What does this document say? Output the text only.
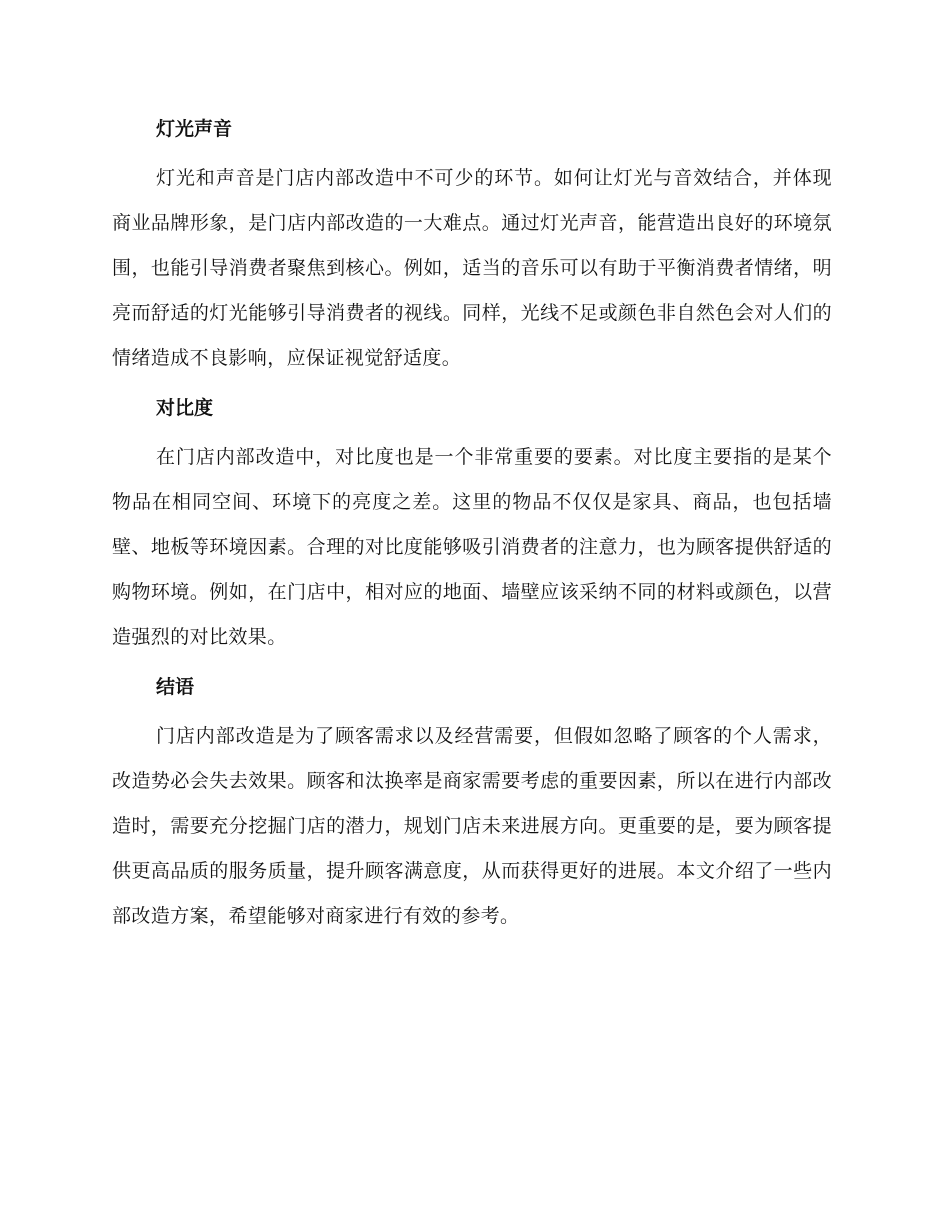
灯光声音

灯光和声音是门店内部改造中不可少的环节。如何让灯光与音效结合，并体现商业品牌形象，是门店内部改造的一大难点。通过灯光声音，能营造出良好的环境氛围，也能引导消费者聚焦到核心。例如，适当的音乐可以有助于平衡消费者情绪，明亮而舒适的灯光能够引导消费者的视线。同样，光线不足或颜色非自然色会对人们的情绪造成不良影响，应保证视觉舒适度。

对比度

在门店内部改造中，对比度也是一个非常重要的要素。对比度主要指的是某个物品在相同空间、环境下的亮度之差。这里的物品不仅仅是家具、商品，也包括墙壁、地板等环境因素。合理的对比度能够吸引消费者的注意力，也为顾客提供舒适的购物环境。例如，在门店中，相对应的地面、墙壁应该采纳不同的材料或颜色，以营造强烈的对比效果。

结语

门店内部改造是为了顾客需求以及经营需要，但假如忽略了顾客的个人需求，改造势必会失去效果。顾客和汰换率是商家需要考虑的重要因素，所以在进行内部改造时，需要充分挖掘门店的潜力，规划门店未来进展方向。更重要的是，要为顾客提供更高品质的服务质量，提升顾客满意度，从而获得更好的进展。本文介绍了一些内部改造方案，希望能够对商家进行有效的参考。
